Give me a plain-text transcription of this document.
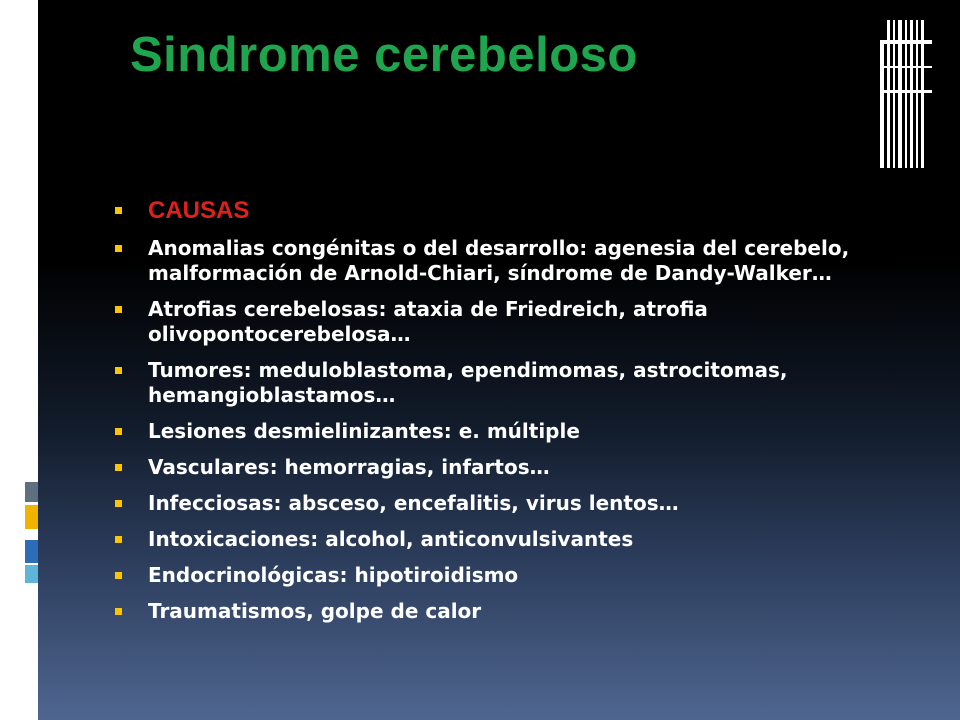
Sindrome cerebeloso
CAUSAS
Anomalias congénitas o del desarrollo: agenesia del cerebelo, malformación de Arnold-Chiari, síndrome de Dandy-Walker…
Atrofias cerebelosas: ataxia de Friedreich, atrofia olivopontocerebelosa…
Tumores: meduloblastoma, ependimomas, astrocitomas, hemangioblastamos…
Lesiones desmielinizantes: e. múltiple
Vasculares: hemorragias, infartos…
Infecciosas: absceso, encefalitis, virus lentos…
Intoxicaciones: alcohol, anticonvulsivantes
Endocrinológicas: hipotiroidismo
Traumatismos, golpe de calor
